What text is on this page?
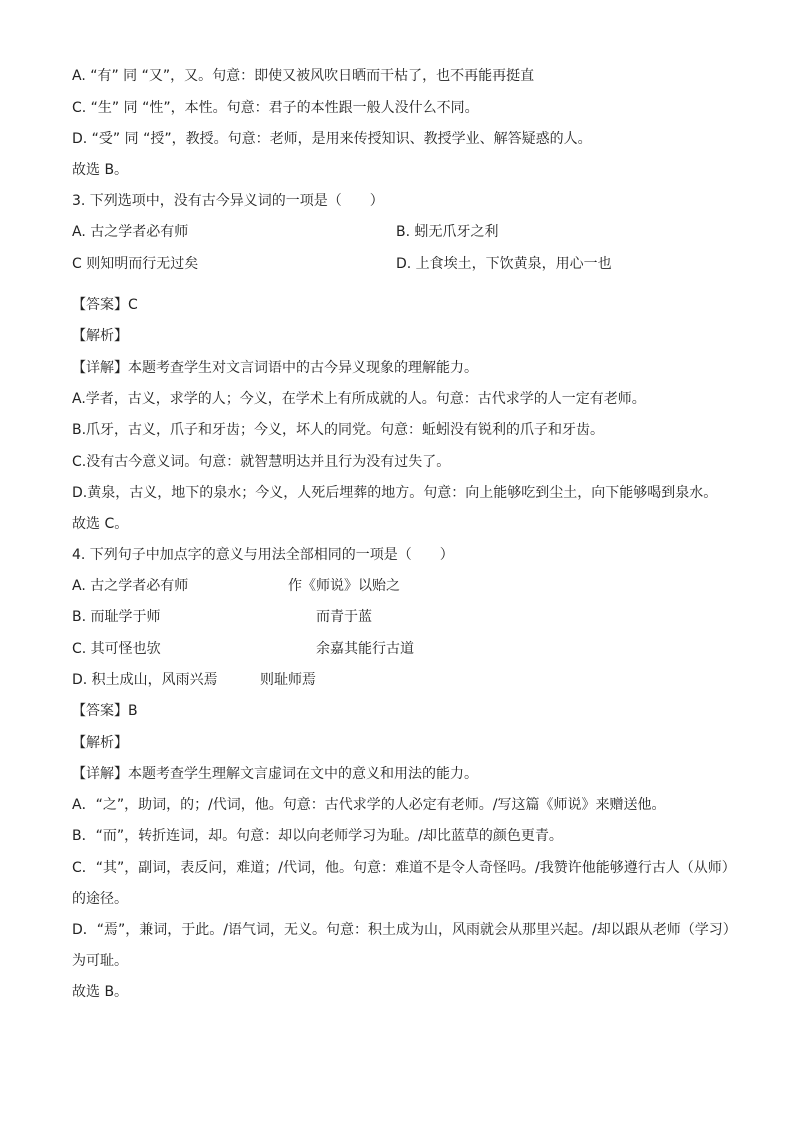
A. “有” 同 “又”，又。句意：即使又被风吹日晒而干枯了，也不再能再挺直
C. “生” 同 “性”，本性。句意：君子的本性跟一般人没什么不同。
D. “受” 同 “授”，教授。句意：老师，是用来传授知识、教授学业、解答疑惑的人。
故选 B。
3. 下列选项中，没有古今异义词的一项是（　　）
A. 古之学者必有师	B. 蚓无爪牙之利
C 则知明而行无过矣	D. 上食埃土，下饮黄泉，用心一也
【答案】C
【解析】
【详解】本题考查学生对文言词语中的古今异义现象的理解能力。
A.学者，古义，求学的人；今义，在学术上有所成就的人。句意：古代求学的人一定有老师。
B.爪牙，古义，爪子和牙齿；今义，坏人的同党。句意：蚯蚓没有锐利的爪子和牙齿。
C.没有古今意义词。句意：就智慧明达并且行为没有过失了。
D.黄泉，古义，地下的泉水；今义，人死后埋葬的地方。句意：向上能够吃到尘土，向下能够喝到泉水。
故选 C。
4. 下列句子中加点字的意义与用法全部相同的一项是（　　）
A. 古之学者必有师	作《师说》以贻之
B. 而耻学于师	而青于蓝
C. 其可怪也欤	余嘉其能行古道
D. 积土成山，风雨兴焉	则耻师焉
【答案】B
【解析】
【详解】本题考查学生理解文言虚词在文中的意义和用法的能力。
A．“之”，助词，的；/代词，他。句意：古代求学的人必定有老师。/写这篇《师说》来赠送他。
B．“而”，转折连词，却。句意：却以向老师学习为耻。/却比蓝草的颜色更青。
C．“其”，副词，表反问，难道；/代词，他。句意：难道不是令人奇怪吗。/我赞许他能够遵行古人（从师）的途径。
D．“焉”，兼词，于此。/语气词，无义。句意：积土成为山，风雨就会从那里兴起。/却以跟从老师（学习）为可耻。
故选 B。
